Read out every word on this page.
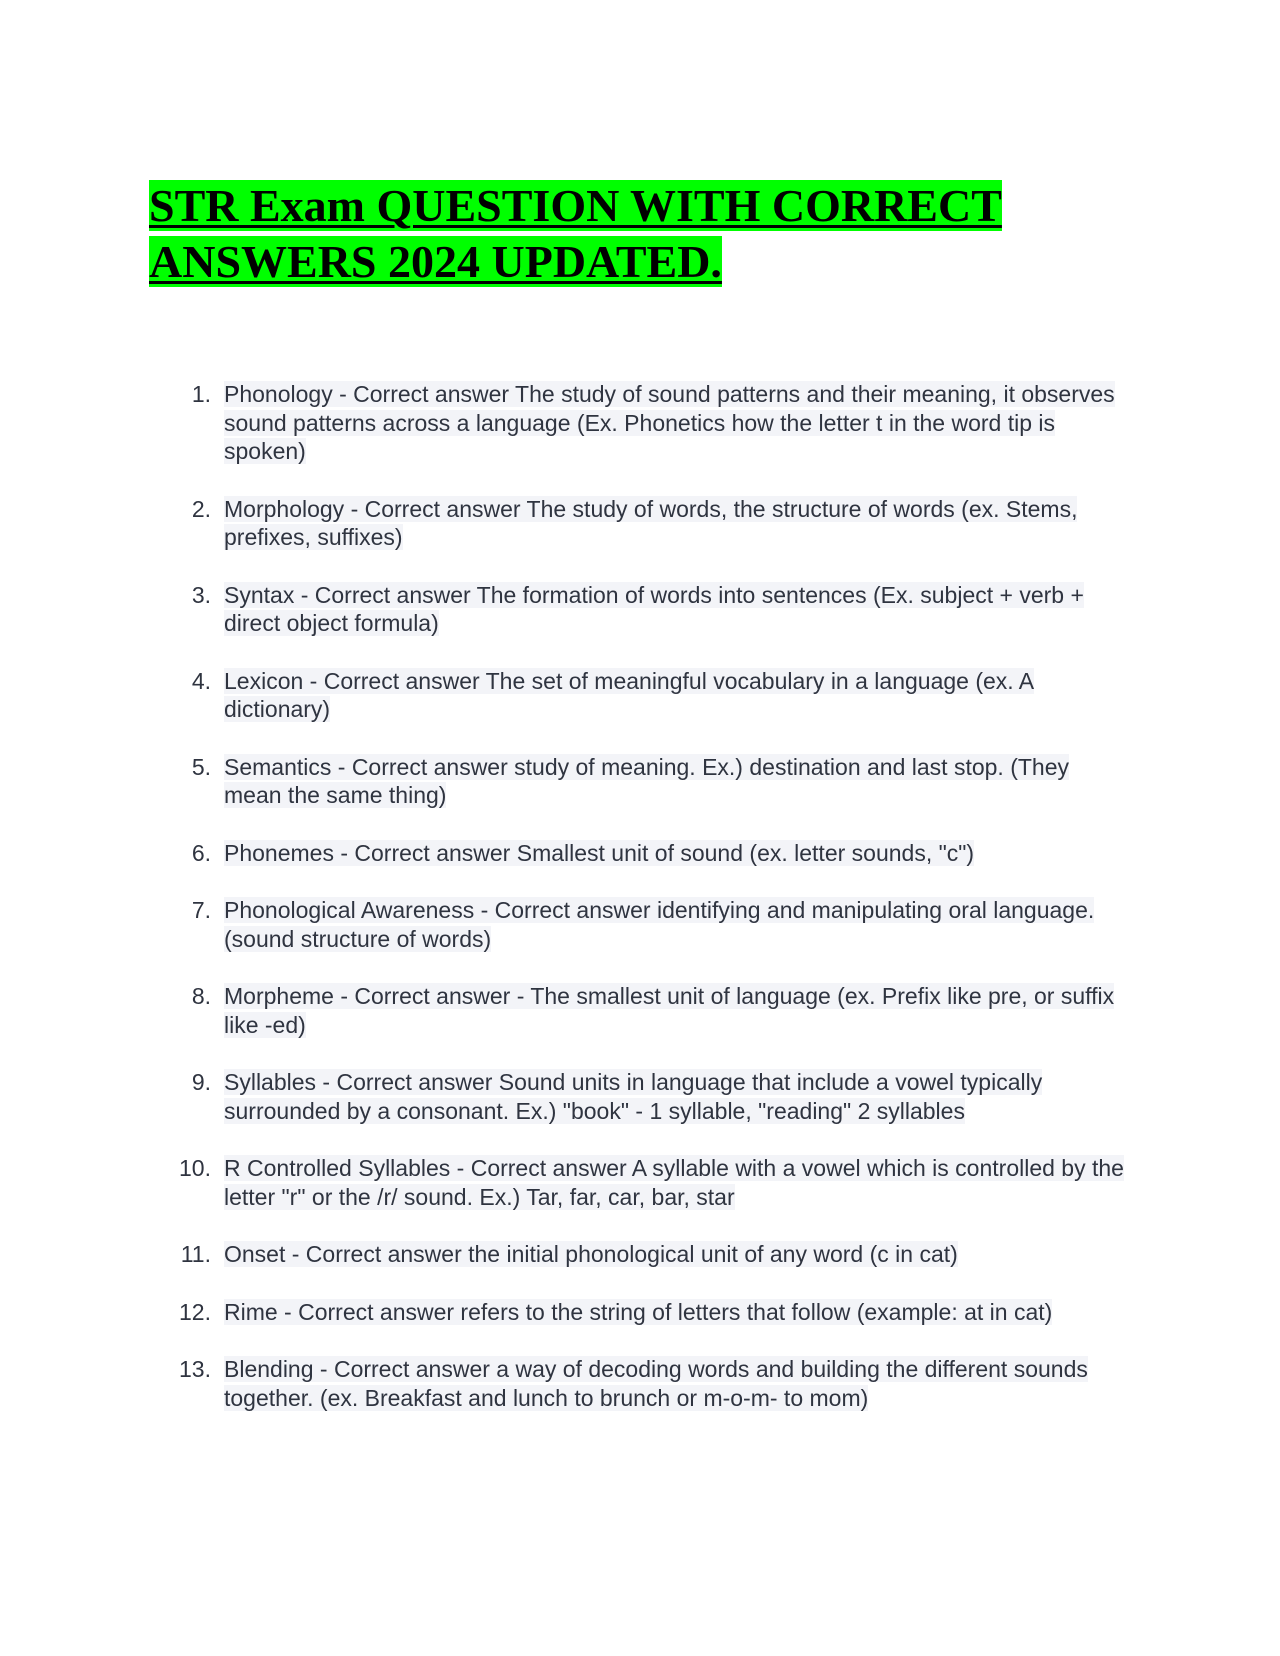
STR Exam QUESTION WITH CORRECT ANSWERS 2024 UPDATED.
1. Phonology - Correct answer The study of sound patterns and their meaning, it observes sound patterns across a language (Ex. Phonetics how the letter t in the word tip is spoken)
2. Morphology - Correct answer The study of words, the structure of words (ex. Stems, prefixes, suffixes)
3. Syntax - Correct answer The formation of words into sentences (Ex. subject + verb + direct object formula)
4. Lexicon - Correct answer The set of meaningful vocabulary in a language (ex. A dictionary)
5. Semantics - Correct answer study of meaning. Ex.) destination and last stop. (They mean the same thing)
6. Phonemes - Correct answer Smallest unit of sound (ex. letter sounds, "c")
7. Phonological Awareness - Correct answer identifying and manipulating oral language. (sound structure of words)
8. Morpheme - Correct answer - The smallest unit of language (ex. Prefix like pre, or suffix like -ed)
9. Syllables - Correct answer Sound units in language that include a vowel typically surrounded by a consonant. Ex.) "book" - 1 syllable, "reading" 2 syllables
10. R Controlled Syllables - Correct answer A syllable with a vowel which is controlled by the letter "r" or the /r/ sound. Ex.) Tar, far, car, bar, star
11. Onset - Correct answer the initial phonological unit of any word (c in cat)
12. Rime - Correct answer refers to the string of letters that follow (example: at in cat)
13. Blending - Correct answer a way of decoding words and building the different sounds together. (ex. Breakfast and lunch to brunch or m-o-m- to mom)
